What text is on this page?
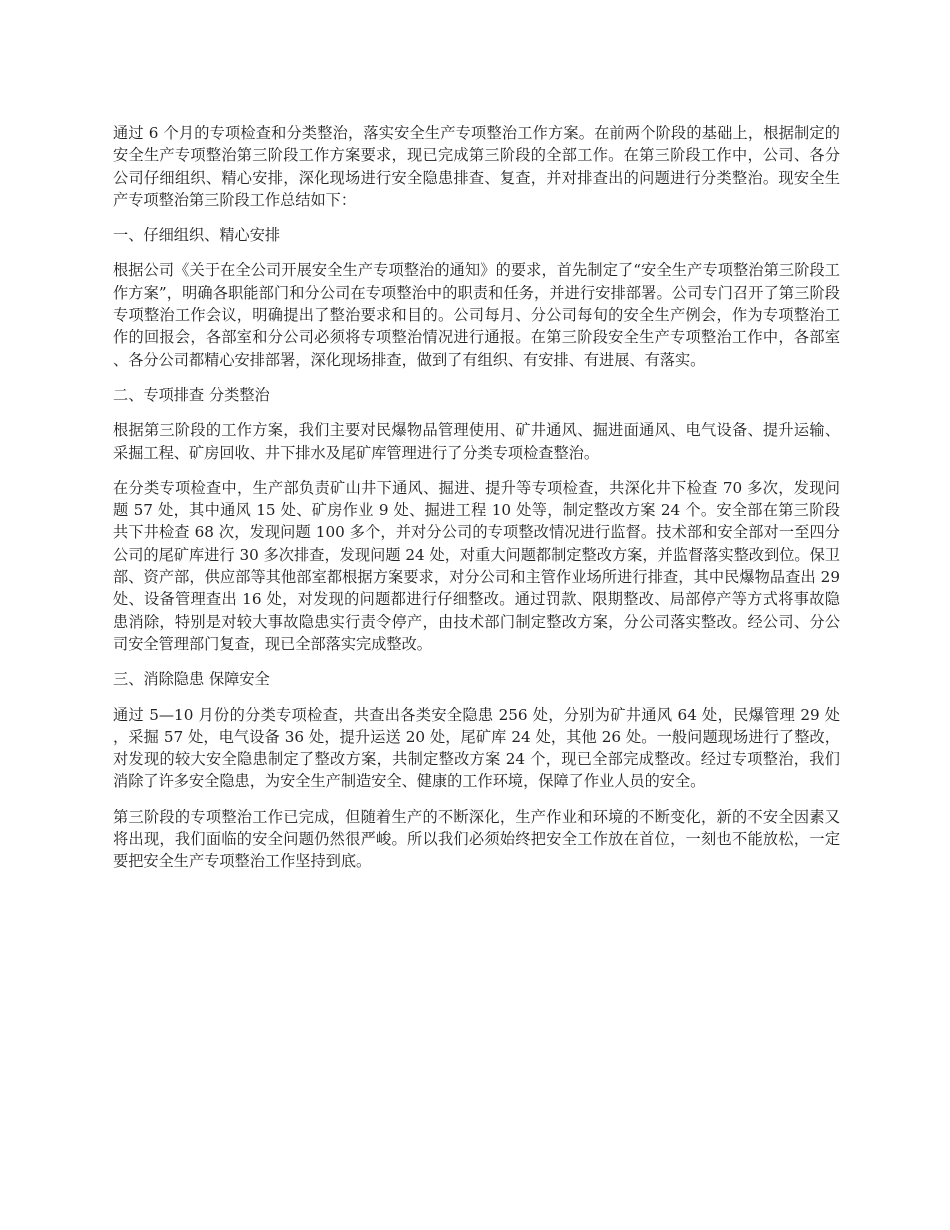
通过 6 个月的专项检查和分类整治，落实安全生产专项整治工作方案。在前两个阶段的基础上，根据制定的安全生产专项整治第三阶段工作方案要求，现已完成第三阶段的全部工作。在第三阶段工作中，公司、各分公司仔细组织、精心安排，深化现场进行安全隐患排查、复查，并对排查出的问题进行分类整治。现安全生产专项整治第三阶段工作总结如下：

一、仔细组织、精心安排

根据公司《关于在全公司开展安全生产专项整治的通知》的要求，首先制定了“安全生产专项整治第三阶段工作方案”，明确各职能部门和分公司在专项整治中的职责和任务，并进行安排部署。公司专门召开了第三阶段专项整治工作会议，明确提出了整治要求和目的。公司每月、分公司每旬的安全生产例会，作为专项整治工作的回报会，各部室和分公司必须将专项整治情况进行通报。在第三阶段安全生产专项整治工作中，各部室、各分公司都精心安排部署，深化现场排查，做到了有组织、有安排、有进展、有落实。

二、专项排查 分类整治

根据第三阶段的工作方案，我们主要对民爆物品管理使用、矿井通风、掘进面通风、电气设备、提升运输、采掘工程、矿房回收、井下排水及尾矿库管理进行了分类专项检查整治。

在分类专项检查中，生产部负责矿山井下通风、掘进、提升等专项检查，共深化井下检查 70 多次，发现问题 57 处，其中通风 15 处、矿房作业 9 处、掘进工程 10 处等，制定整改方案 24 个。安全部在第三阶段共下井检查 68 次，发现问题 100 多个，并对分公司的专项整改情况进行监督。技术部和安全部对一至四分公司的尾矿库进行 30 多次排查，发现问题 24 处，对重大问题都制定整改方案，并监督落实整改到位。保卫部、资产部，供应部等其他部室都根据方案要求，对分公司和主管作业场所进行排查，其中民爆物品查出 29 处、设备管理查出 16 处，对发现的问题都进行仔细整改。通过罚款、限期整改、局部停产等方式将事故隐患消除，特别是对较大事故隐患实行责令停产，由技术部门制定整改方案，分公司落实整改。经公司、分公司安全管理部门复查，现已全部落实完成整改。

三、消除隐患 保障安全

通过 5—10 月份的分类专项检查，共查出各类安全隐患 256 处，分别为矿井通风 64 处，民爆管理 29 处，采掘 57 处，电气设备 36 处，提升运送 20 处，尾矿库 24 处，其他 26 处。一般问题现场进行了整改，对发现的较大安全隐患制定了整改方案，共制定整改方案 24 个，现已全部完成整改。经过专项整治，我们消除了许多安全隐患，为安全生产制造安全、健康的工作环境，保障了作业人员的安全。

第三阶段的专项整治工作已完成，但随着生产的不断深化，生产作业和环境的不断变化，新的不安全因素又将出现，我们面临的安全问题仍然很严峻。所以我们必须始终把安全工作放在首位，一刻也不能放松，一定要把安全生产专项整治工作坚持到底。
